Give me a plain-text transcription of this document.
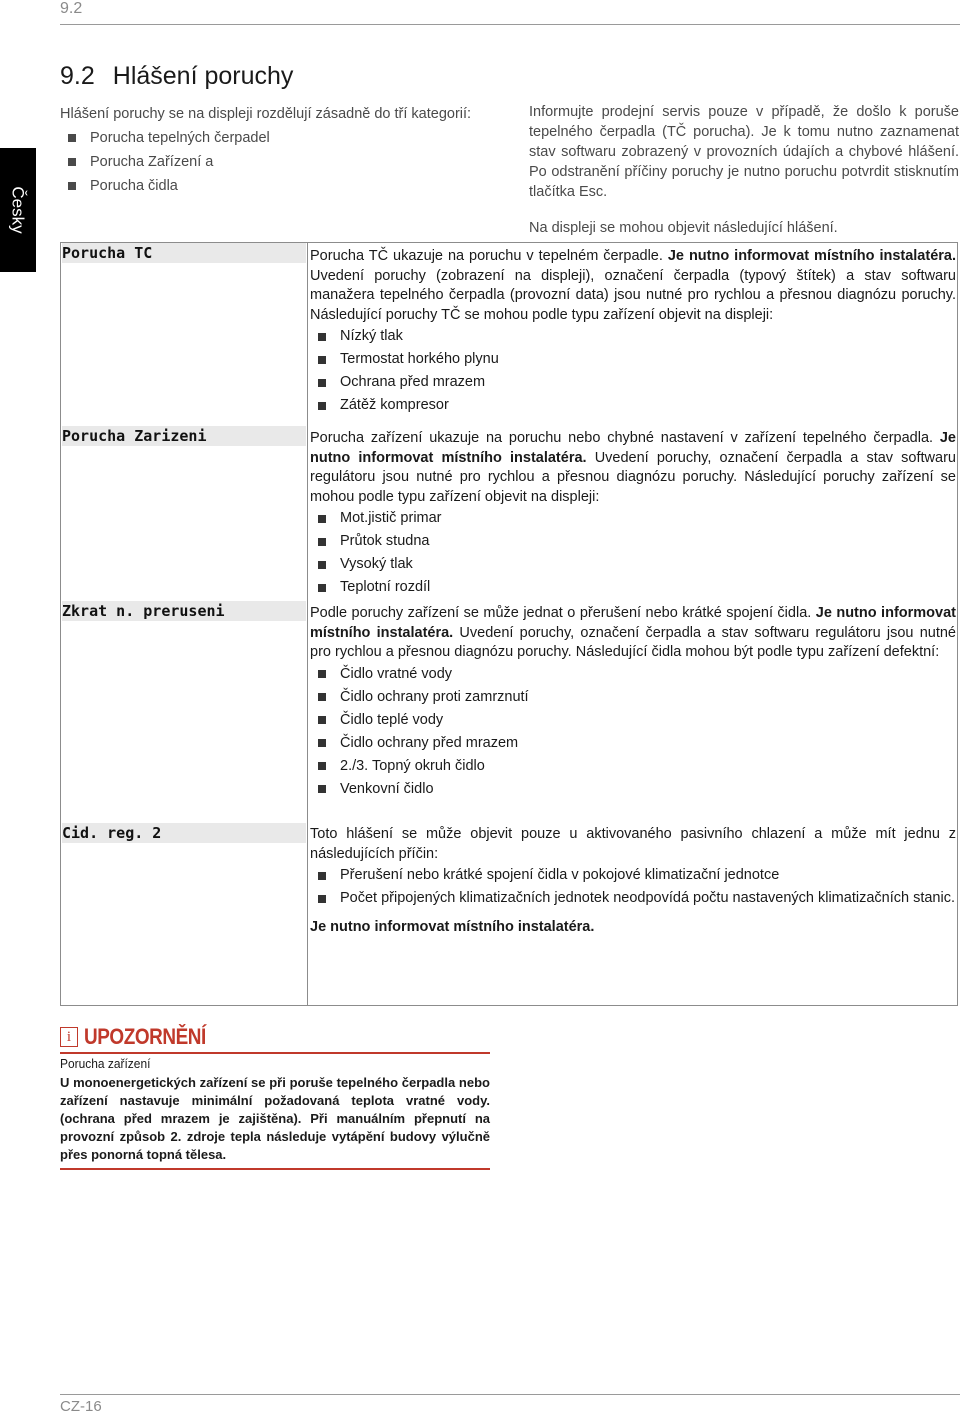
9.2
Česky
9.2 Hlášení poruchy
Hlášení poruchy se na displeji rozdělují zásadně do tří kategorií:
Porucha tepelných čerpadel
Porucha Zařízení a
Porucha čidla

Informujte prodejní servis pouze v případě, že došlo k poruše tepelného čerpadla (TČ porucha). Je k tomu nutno zaznamenat stav softwaru zobrazený v provozních údajích a chybové hlášení. Po odstranění příčiny poruchy je nutno poruchu potvrdit stisknutím tlačítka Esc.

Na displeji se mohou objevit následující hlášení.

Porucha TC	Porucha TČ ukazuje na poruchu v tepelném čerpadle. Je nutno informovat místního instalatéra. Uvedení poruchy (zobrazení na displeji), označení čerpadla (typový štítek) a stav softwaru manažera tepelného čerpadla (provozní data) jsou nutné pro rychlou a přesnou diagnózu poruchy. Následující poruchy TČ se mohou podle typu zařízení objevit na displeji:

Nízký tlak
Termostat horkého plynu
Ochrana před mrazem
Zátěž kompresor
Porucha Zarizeni	Porucha zařízení ukazuje na poruchu nebo chybné nastavení v zařízení tepelného čerpadla. Je nutno informovat místního instalatéra. Uvedení poruchy, označení čerpadla a stav softwaru regulátoru jsou nutné pro rychlou a přesnou diagnózu poruchy. Následující poruchy zařízení se mohou podle typu zařízení objevit na displeji:

Mot.jistič primar
Průtok studna
Vysoký tlak
Teplotní rozdíl
Zkrat n. preruseni	Podle poruchy zařízení se může jednat o přerušení nebo krátké spojení čidla. Je nutno informovat místního instalatéra. Uvedení poruchy, označení čerpadla a stav softwaru regulátoru jsou nutné pro rychlou a přesnou diagnózu poruchy. Následující čidla mohou být podle typu zařízení defektní:

Čidlo vratné vody
Čidlo ochrany proti zamrznutí
Čidlo teplé vody
Čidlo ochrany před mrazem
2./3. Topný okruh čidlo
Venkovní čidlo
Cid. reg. 2	Toto hlášení se může objevit pouze u aktivovaného pasivního chlazení a může mít jednu z následujících příčin:

Přerušení nebo krátké spojení čidla v pokojové klimatizační jednotce
Počet připojených klimatizačních jednotek neodpovídá počtu nastavených klimatizačních stanic.

Je nutno informovat místního instalatéra.

i UPOZORNĚNÍ
Porucha zařízení
U monoenergetických zařízení se při poruše tepelného čerpadla nebo zařízení nastavuje minimální požadovaná teplota vratné vody. (ochrana před mrazem je zajištěna). Při manuálním přepnutí na provozní způsob 2. zdroje tepla následuje vytápění budovy výlučně přes ponorná topná tělesa.
CZ-16
